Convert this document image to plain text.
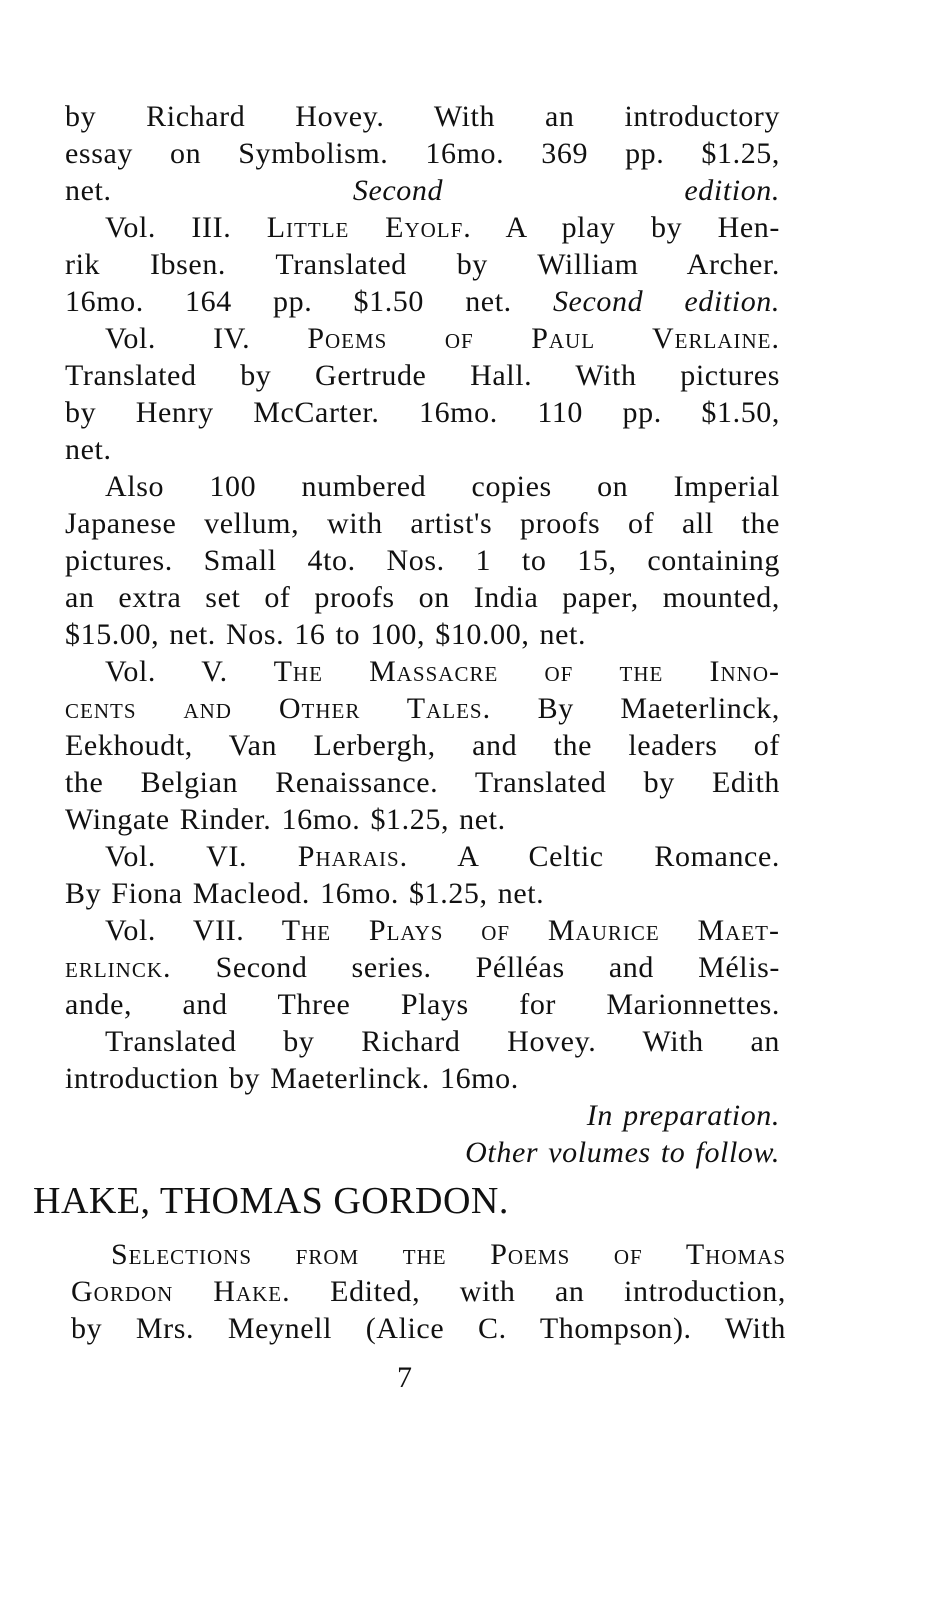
by Richard Hovey. With an introductory
essay on Symbolism. 16mo. 369 pp. $1.25,
net. Second edition.
Vol. III. Little Eyolf. A play by Hen-
rik Ibsen. Translated by William Archer.
16mo. 164 pp. $1.50 net. Second edition.
Vol. IV. Poems of Paul Verlaine.
Translated by Gertrude Hall. With pictures
by Henry McCarter. 16mo. 110 pp. $1.50,
net.
Also 100 numbered copies on Imperial
Japanese vellum, with artist's proofs of all the
pictures. Small 4to. Nos. 1 to 15, containing
an extra set of proofs on India paper, mounted,
$15.00, net. Nos. 16 to 100, $10.00, net.
Vol. V. The Massacre of the Inno-
cents and Other Tales. By Maeterlinck,
Eekhoudt, Van Lerbergh, and the leaders of
the Belgian Renaissance. Translated by Edith
Wingate Rinder. 16mo. $1.25, net.
Vol. VI. Pharais. A Celtic Romance.
By Fiona Macleod. 16mo. $1.25, net.
Vol. VII. The Plays of Maurice Maet-
erlinck. Second series. Pélléas and Mélis-
ande, and Three Plays for Marionnettes.
Translated by Richard Hovey. With an
introduction by Maeterlinck. 16mo.
In preparation.
Other volumes to follow.
HAKE, THOMAS GORDON.
Selections from the Poems of Thomas
Gordon Hake. Edited, with an introduction,
by Mrs. Meynell (Alice C. Thompson). With
7
